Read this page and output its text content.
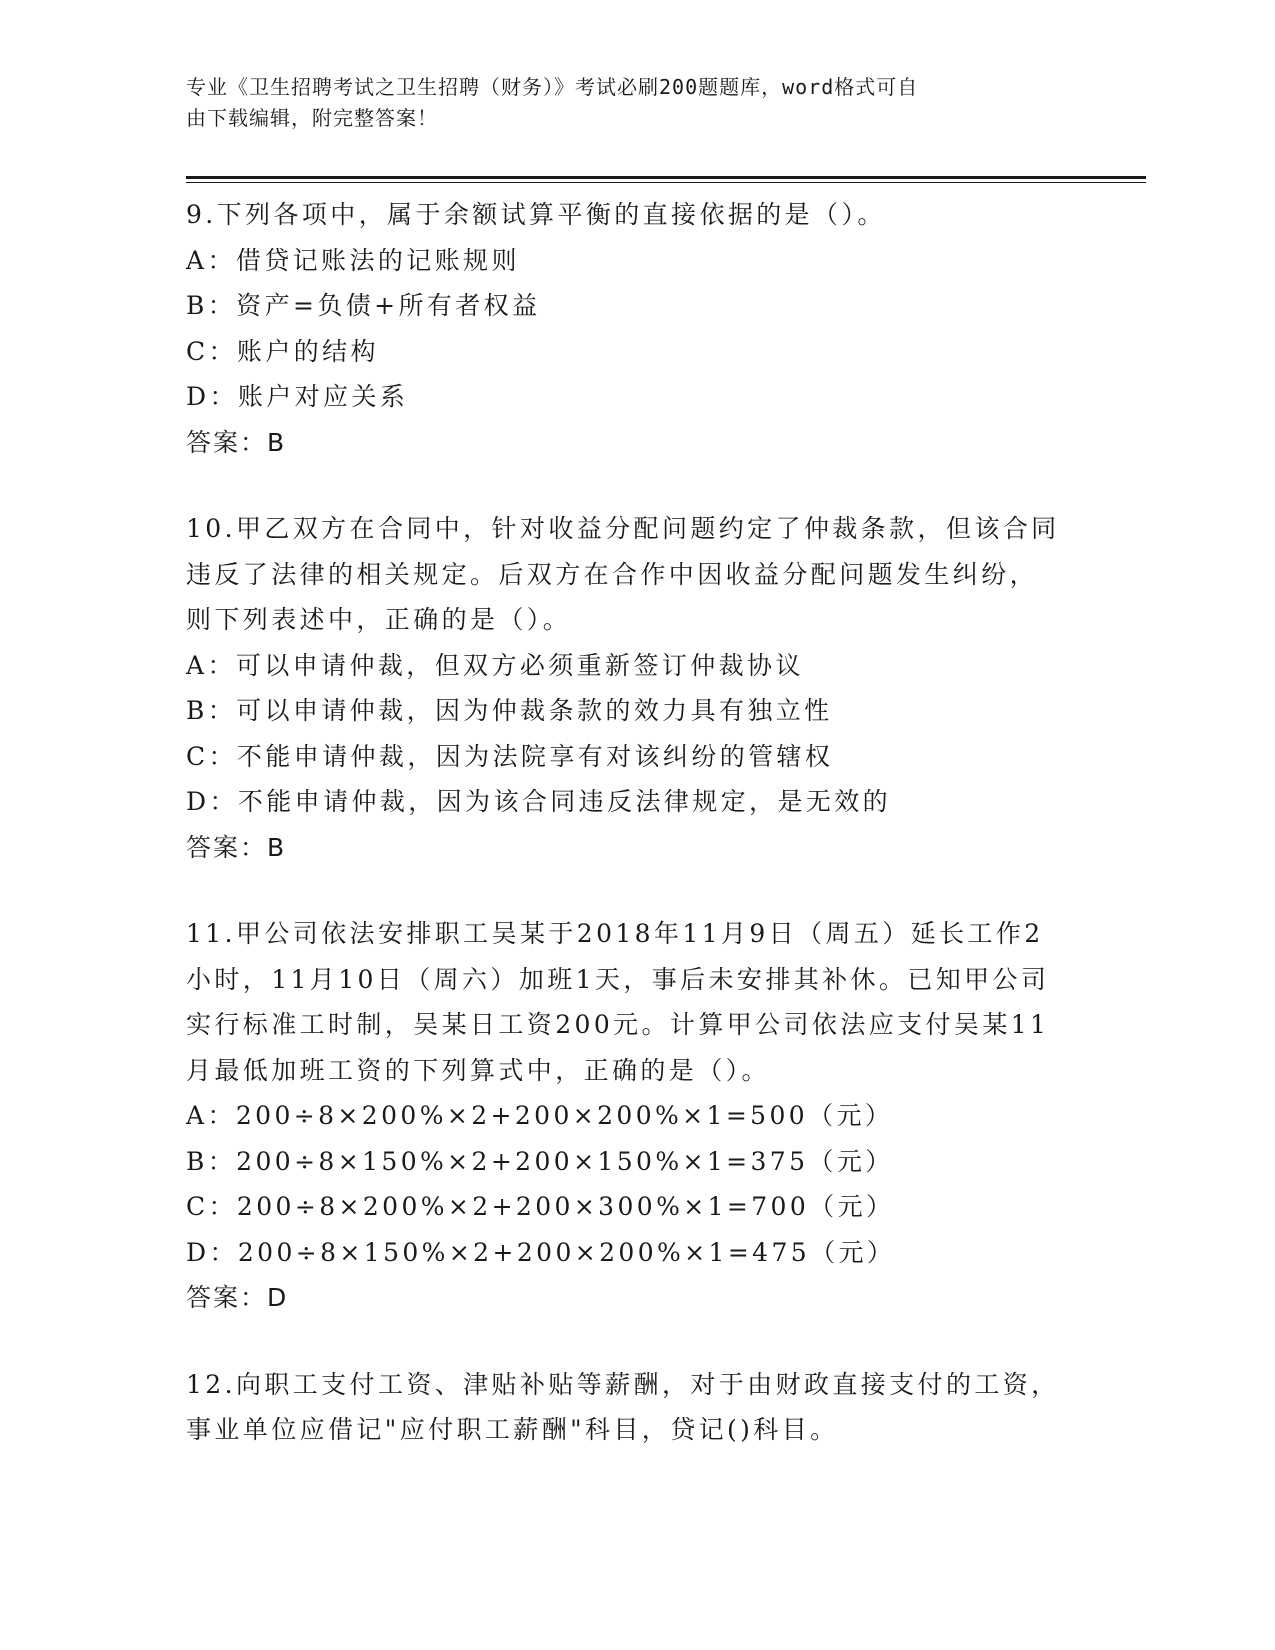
专业《卫生招聘考试之卫生招聘（财务）》考试必刷200题题库，word格式可自
由下载编辑，附完整答案！
9.下列各项中，属于余额试算平衡的直接依据的是（）。
A：借贷记账法的记账规则
B：资产=负债+所有者权益
C：账户的结构
D：账户对应关系
答案：B
10.甲乙双方在合同中，针对收益分配问题约定了仲裁条款，但该合同
违反了法律的相关规定。后双方在合作中因收益分配问题发生纠纷，
则下列表述中，正确的是（）。
A：可以申请仲裁，但双方必须重新签订仲裁协议
B：可以申请仲裁，因为仲裁条款的效力具有独立性
C：不能申请仲裁，因为法院享有对该纠纷的管辖权
D：不能申请仲裁，因为该合同违反法律规定，是无效的
答案：B
11.甲公司依法安排职工吴某于2018年11月9日（周五）延长工作2
小时，11月10日（周六）加班1天，事后未安排其补休。已知甲公司
实行标准工时制，吴某日工资200元。计算甲公司依法应支付吴某11
月最低加班工资的下列算式中，正确的是（）。
A：200÷8×200%×2+200×200%×1=500（元）
B：200÷8×150%×2+200×150%×1=375（元）
C：200÷8×200%×2+200×300%×1=700（元）
D：200÷8×150%×2+200×200%×1=475（元）
答案：D
12.向职工支付工资、津贴补贴等薪酬，对于由财政直接支付的工资，
事业单位应借记"应付职工薪酬"科目，贷记()科目。
